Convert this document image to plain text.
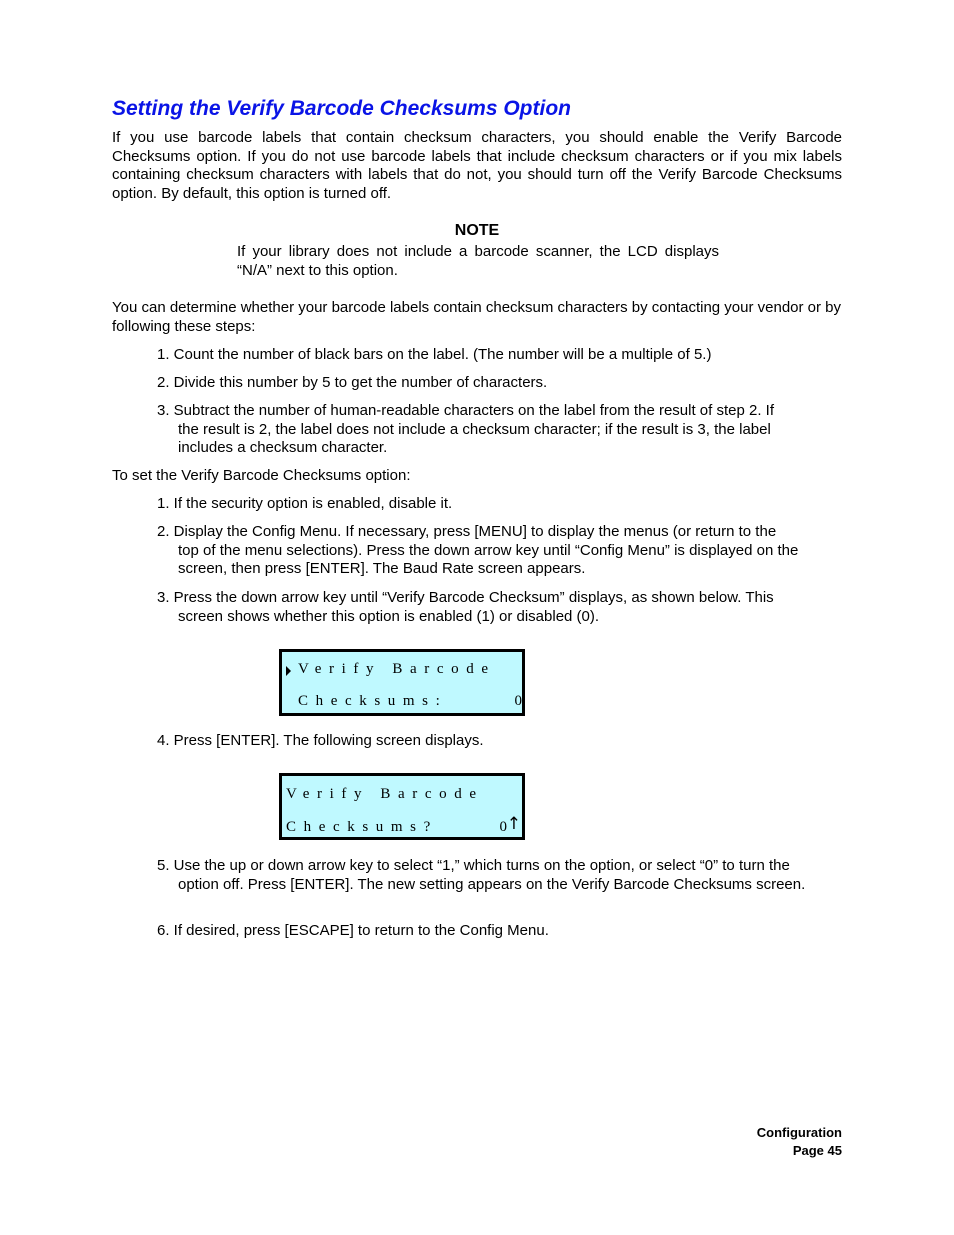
Setting the Verify Barcode Checksums Option
If you use barcode labels that contain checksum characters, you should enable the Verify Barcode Checksums option. If you do not use barcode labels that include checksum characters or if you mix labels containing checksum characters with labels that do not, you should turn off the Verify Barcode Checksums option. By default, this option is turned off.
NOTE
If your library does not include a barcode scanner, the LCD displays “N/A” next to this option.
You can determine whether your barcode labels contain checksum characters by contacting your vendor or by following these steps:
1. Count the number of black bars on the label. (The number will be a multiple of 5.)
2. Divide this number by 5 to get the number of characters.
3. Subtract the number of human-readable characters on the label from the result of step 2. If
the result is 2, the label does not include a checksum character; if the result is 3, the label includes a checksum character.
To set the Verify Barcode Checksums option:
1. If the security option is enabled, disable it.
2. Display the Config Menu. If necessary, press [MENU] to display the menus (or return to the
top of the menu selections). Press the down arrow key until “Config Menu” is displayed on the screen, then press [ENTER]. The Baud Rate screen appears.
3. Press the down arrow key until “Verify Barcode Checksum” displays, as shown below. This
screen shows whether this option is enabled (1) or disabled (0).
Verify Barcode
Checksums:	0
4. Press [ENTER]. The following screen displays.
Verify Barcode
Checksums?	0 ↑
5. Use the up or down arrow key to select “1,” which turns on the option, or select “0” to turn the
option off. Press [ENTER]. The new setting appears on the Verify Barcode Checksums screen.
6. If desired, press [ESCAPE] to return to the Config Menu.
Configuration
Page 45
